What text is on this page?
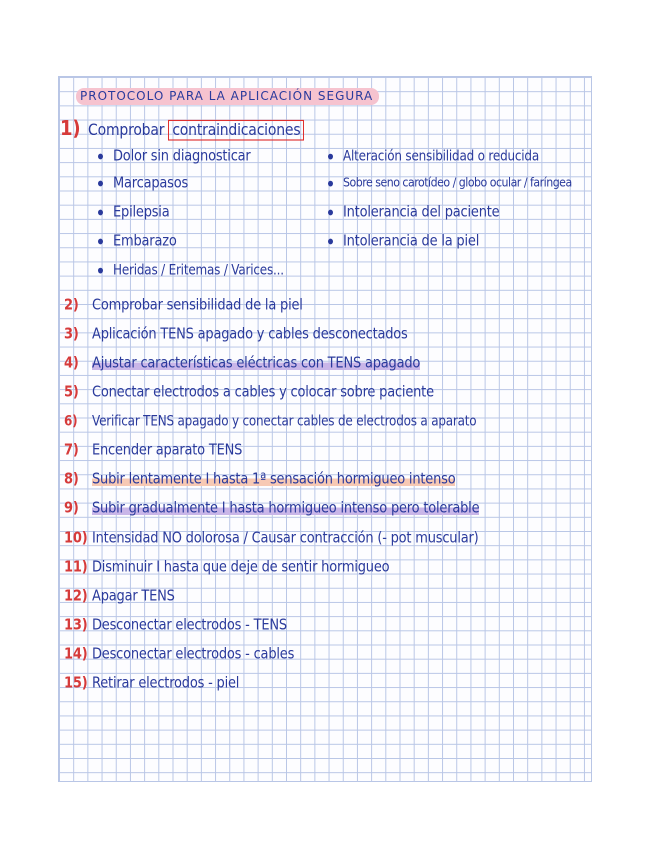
PROTOCOLO PARA LA APLICACIÓN SEGURA
1) Comprobar contraindicaciones
Dolor sin diagnosticar
Marcapasos
Epilepsia
Embarazo
Heridas / Eritemas / Varices...
Alteración sensibilidad o reducida
Sobre seno carotídeo / globo ocular / faríngea
Intolerancia del paciente
Intolerancia de la piel
2) Comprobar sensibilidad de la piel
3) Aplicación TENS apagado y cables desconectados
4) Ajustar características eléctricas con TENS apagado
5) Conectar electrodos a cables y colocar sobre paciente
6) Verificar TENS apagado y conectar cables de electrodos a aparato
7) Encender aparato TENS
8) Subir lentamente I hasta 1ª sensación hormigueo intenso
9) Subir gradualmente I hasta hormigueo intenso pero tolerable
10) Intensidad NO dolorosa / Causar contracción (- pot muscular)
11) Disminuir I hasta que deje de sentir hormigueo
12) Apagar TENS
13) Desconectar electrodos - TENS
14) Desconectar electrodos - cables
15) Retirar electrodos - piel
